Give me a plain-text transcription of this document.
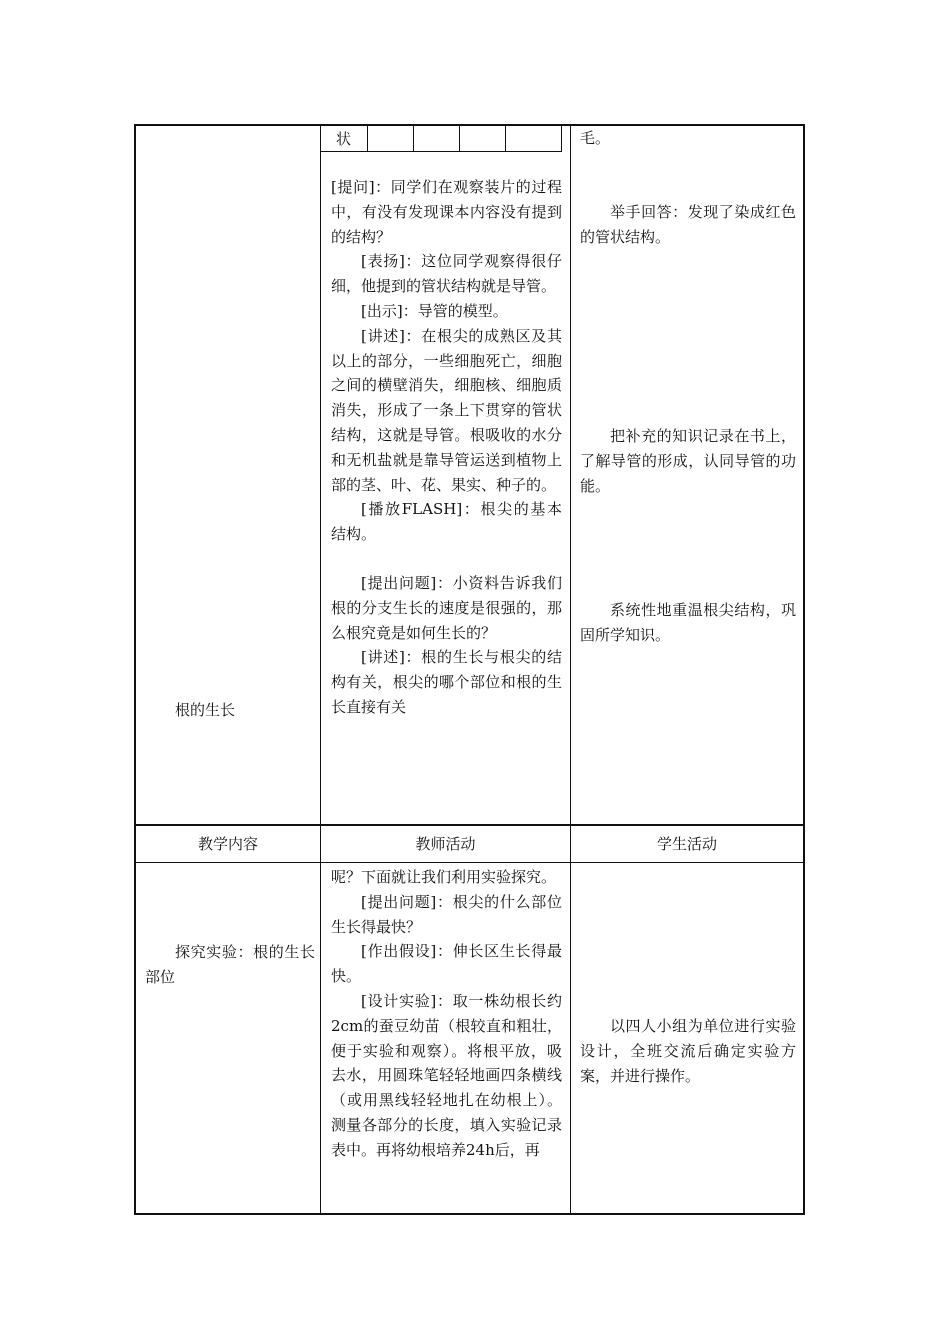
状

根的生长

[提问]：同学们在观察装片的过程中，有没有发现课本内容没有提到的结构？

[表扬]：这位同学观察得很仔细，他提到的管状结构就是导管。

[出示]：导管的模型。

[讲述]：在根尖的成熟区及其以上的部分，一些细胞死亡，细胞之间的横壁消失，细胞核、细胞质消失，形成了一条上下贯穿的管状结构，这就是导管。根吸收的水分和无机盐就是靠导管运送到植物上部的茎、叶、花、果实、种子的。

[播放FLASH]：根尖的基本结构。

[提出问题]：小资料告诉我们根的分支生长的速度是很强的，那么根究竟是如何生长的？

[讲述]：根的生长与根尖的结构有关，根尖的哪个部位和根的生长直接有关

毛。

举手回答：发现了染成红色的管状结构。

把补充的知识记录在书上，了解导管的形成，认同导管的功能。

系统性地重温根尖结构，巩固所学知识。

教学内容	教师活动	学生活动

探究实验：根的生长部位

呢？下面就让我们利用实验探究。

[提出问题]：根尖的什么部位生长得最快？

[作出假设]：伸长区生长得最快。

[设计实验]：取一株幼根长约2cm的蚕豆幼苗（根较直和粗壮，便于实验和观察）。将根平放，吸去水，用圆珠笔轻轻地画四条横线（或用黑线轻轻地扎在幼根上）。测量各部分的长度，填入实验记录表中。再将幼根培养24h后，再

以四人小组为单位进行实验设计，全班交流后确定实验方案，并进行操作。
